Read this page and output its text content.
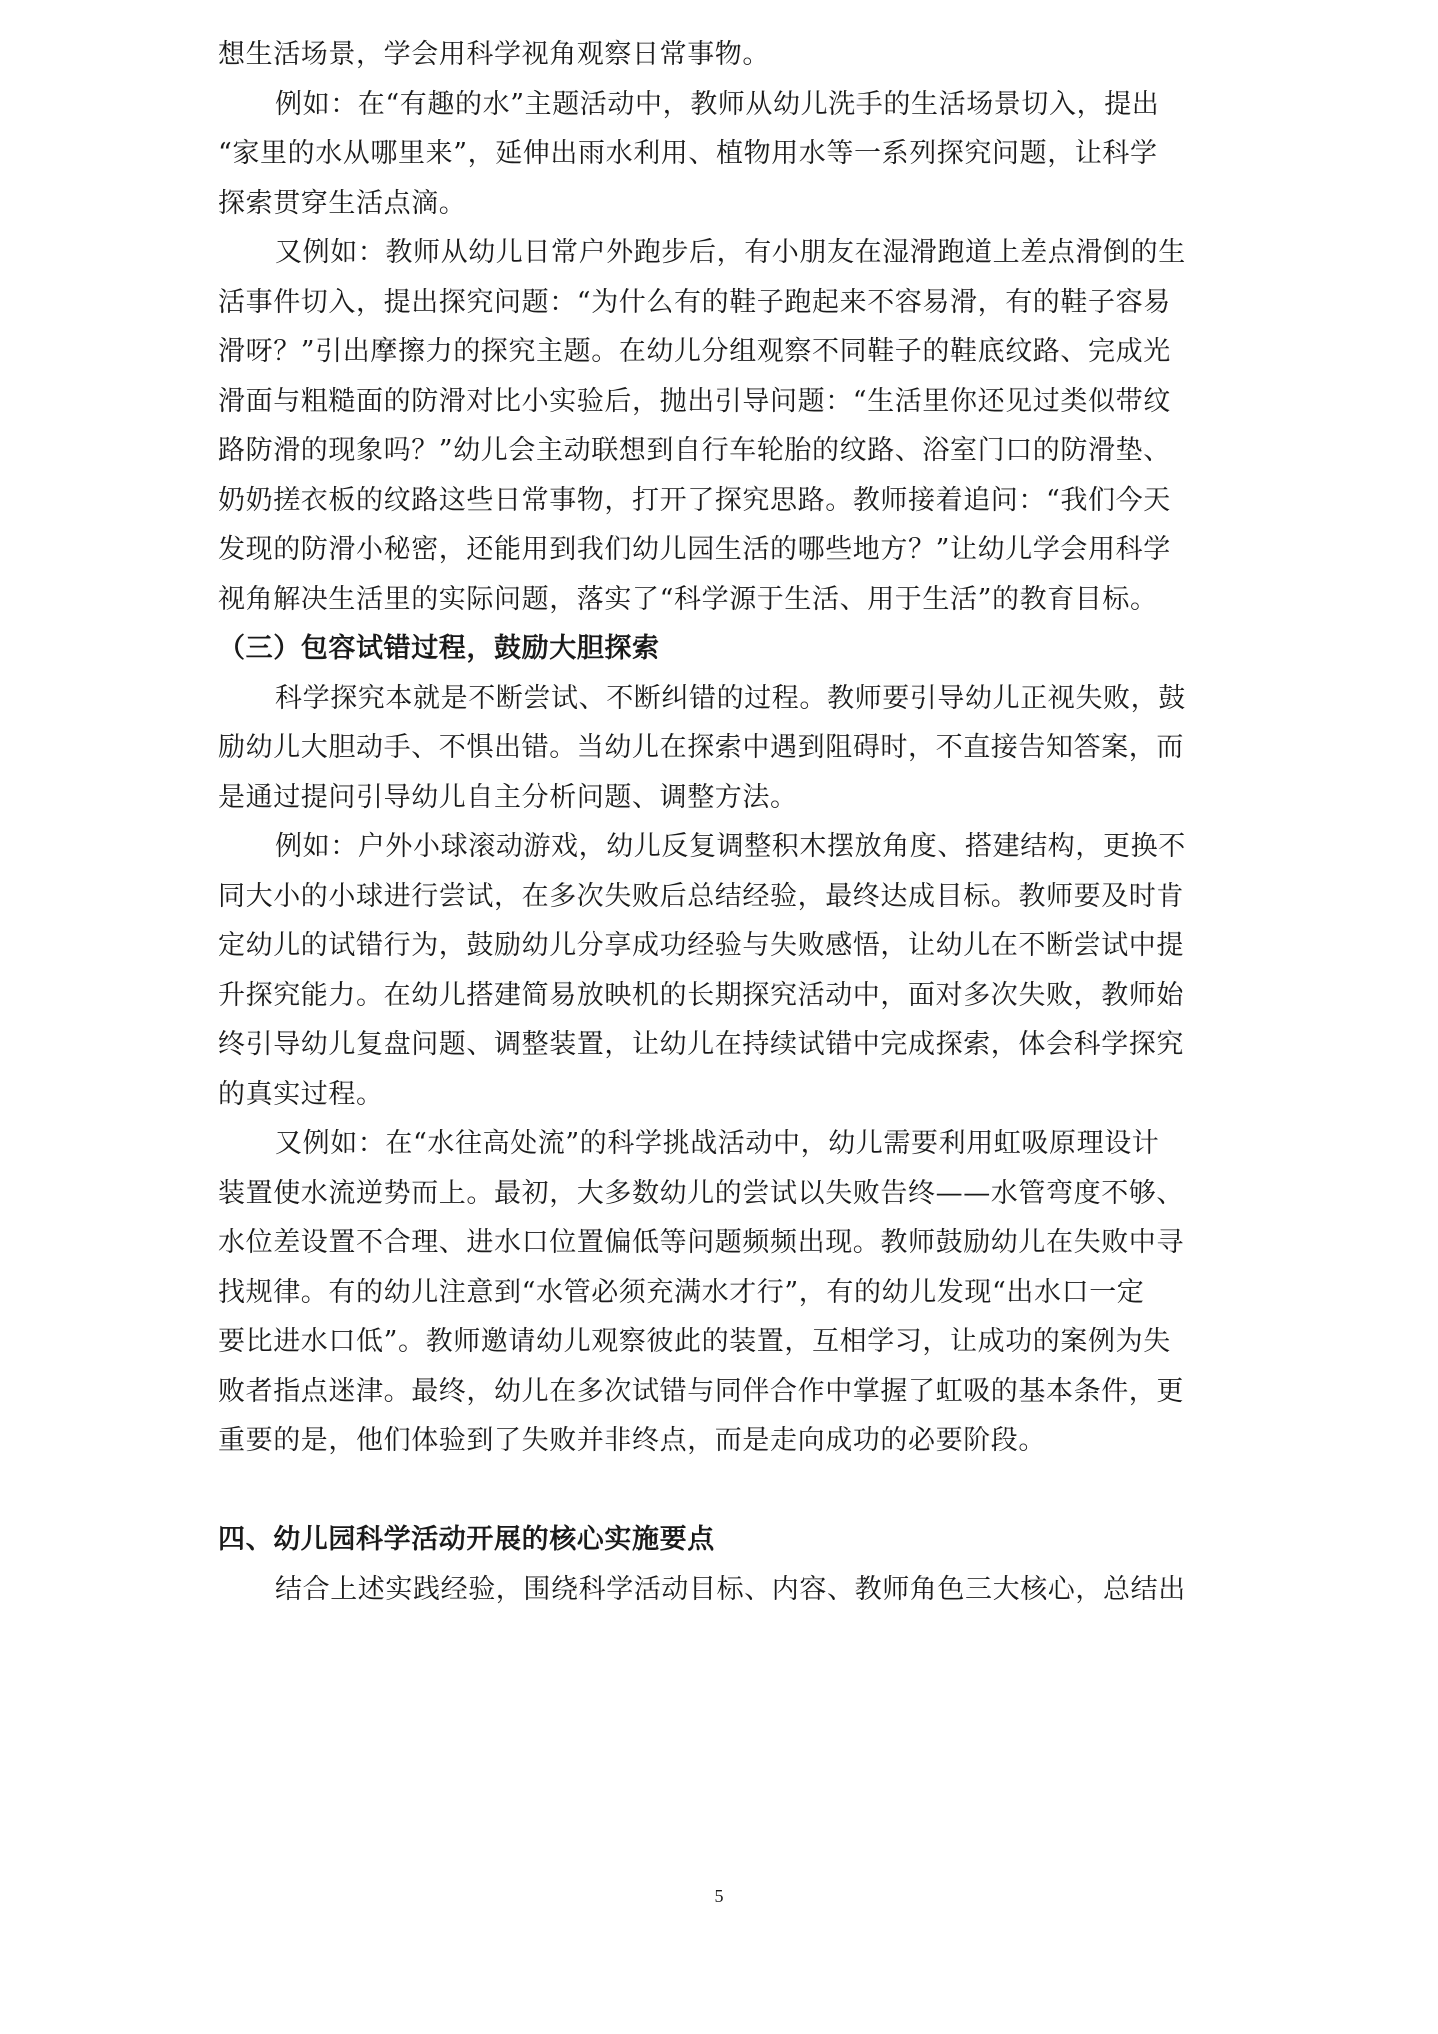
想生活场景，学会用科学视角观察日常事物。
例如：在“有趣的水”主题活动中，教师从幼儿洗手的生活场景切入，提出
“家里的水从哪里来”，延伸出雨水利用、植物用水等一系列探究问题，让科学
探索贯穿生活点滴。
又例如：教师从幼儿日常户外跑步后，有小朋友在湿滑跑道上差点滑倒的生
活事件切入，提出探究问题：“为什么有的鞋子跑起来不容易滑，有的鞋子容易
滑呀？”引出摩擦力的探究主题。在幼儿分组观察不同鞋子的鞋底纹路、完成光
滑面与粗糙面的防滑对比小实验后，抛出引导问题：“生活里你还见过类似带纹
路防滑的现象吗？”幼儿会主动联想到自行车轮胎的纹路、浴室门口的防滑垫、
奶奶搓衣板的纹路这些日常事物，打开了探究思路。教师接着追问：“我们今天
发现的防滑小秘密，还能用到我们幼儿园生活的哪些地方？”让幼儿学会用科学
视角解决生活里的实际问题，落实了“科学源于生活、用于生活”的教育目标。
（三）包容试错过程，鼓励大胆探索
科学探究本就是不断尝试、不断纠错的过程。教师要引导幼儿正视失败，鼓
励幼儿大胆动手、不惧出错。当幼儿在探索中遇到阻碍时，不直接告知答案，而
是通过提问引导幼儿自主分析问题、调整方法。
例如：户外小球滚动游戏，幼儿反复调整积木摆放角度、搭建结构，更换不
同大小的小球进行尝试，在多次失败后总结经验，最终达成目标。教师要及时肯
定幼儿的试错行为，鼓励幼儿分享成功经验与失败感悟，让幼儿在不断尝试中提
升探究能力。在幼儿搭建简易放映机的长期探究活动中，面对多次失败，教师始
终引导幼儿复盘问题、调整装置，让幼儿在持续试错中完成探索，体会科学探究
的真实过程。
又例如：在“水往高处流”的科学挑战活动中，幼儿需要利用虹吸原理设计
装置使水流逆势而上。最初，大多数幼儿的尝试以失败告终——水管弯度不够、
水位差设置不合理、进水口位置偏低等问题频频出现。教师鼓励幼儿在失败中寻
找规律。有的幼儿注意到“水管必须充满水才行”，有的幼儿发现“出水口一定
要比进水口低”。教师邀请幼儿观察彼此的装置，互相学习，让成功的案例为失
败者指点迷津。最终，幼儿在多次试错与同伴合作中掌握了虹吸的基本条件，更
重要的是，他们体验到了失败并非终点，而是走向成功的必要阶段。
四、幼儿园科学活动开展的核心实施要点
结合上述实践经验，围绕科学活动目标、内容、教师角色三大核心，总结出
5
